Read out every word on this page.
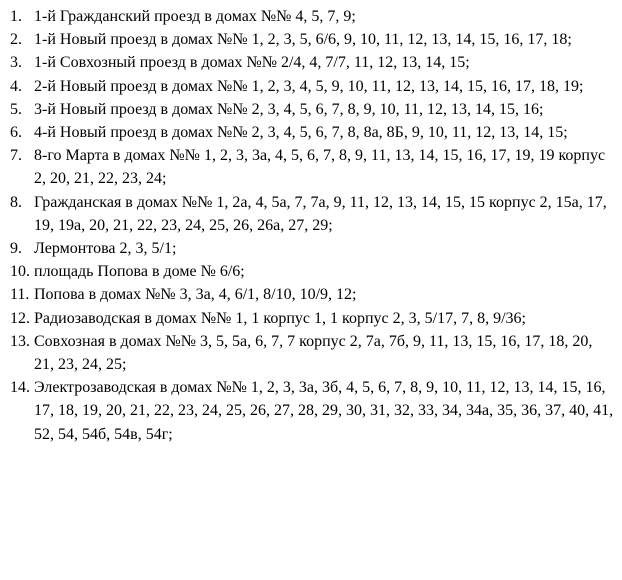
1. 1-й Гражданский проезд в домах №№ 4, 5, 7, 9;
2. 1-й Новый проезд в домах №№ 1, 2, 3, 5, 6/6, 9, 10, 11, 12, 13, 14, 15, 16, 17, 18;
3. 1-й Совхозный проезд в домах №№ 2/4, 4, 7/7, 11, 12, 13, 14, 15;
4. 2-й Новый проезд в домах №№ 1, 2, 3, 4, 5, 9, 10, 11, 12, 13, 14, 15, 16, 17, 18, 19;
5. 3-й Новый проезд в домах №№ 2, 3, 4, 5, 6, 7, 8, 9, 10, 11, 12, 13, 14, 15, 16;
6. 4-й Новый проезд в домах №№ 2, 3, 4, 5, 6, 7, 8, 8а, 8Б, 9, 10, 11, 12, 13, 14, 15;
7. 8-го Марта в домах №№ 1, 2, 3, 3а, 4, 5, 6, 7, 8, 9, 11, 13, 14, 15, 16, 17, 19, 19 корпус 2, 20, 21, 22, 23, 24;
8. Гражданская в домах №№ 1, 2а, 4, 5а, 7, 7а, 9, 11, 12, 13, 14, 15, 15 корпус 2, 15а, 17, 19, 19а, 20, 21, 22, 23, 24, 25, 26, 26а, 27, 29;
9. Лермонтова 2, 3, 5/1;
10. площадь Попова в доме № 6/6;
11. Попова в домах №№ 3, 3а, 4, 6/1, 8/10, 10/9, 12;
12. Радиозаводская в домах №№ 1, 1 корпус 1, 1 корпус 2, 3, 5/17, 7, 8, 9/36;
13. Совхозная в домах №№ 3, 5, 5а, 6, 7, 7 корпус 2, 7а, 7б, 9, 11, 13, 15, 16, 17, 18, 20, 21, 23, 24, 25;
14. Электрозаводская в домах №№ 1, 2, 3, 3а, 3б, 4, 5, 6, 7, 8, 9, 10, 11, 12, 13, 14, 15, 16, 17, 18, 19, 20, 21, 22, 23, 24, 25, 26, 27, 28, 29, 30, 31, 32, 33, 34, 34а, 35, 36, 37, 40, 41, 52, 54, 54б, 54в, 54г;
